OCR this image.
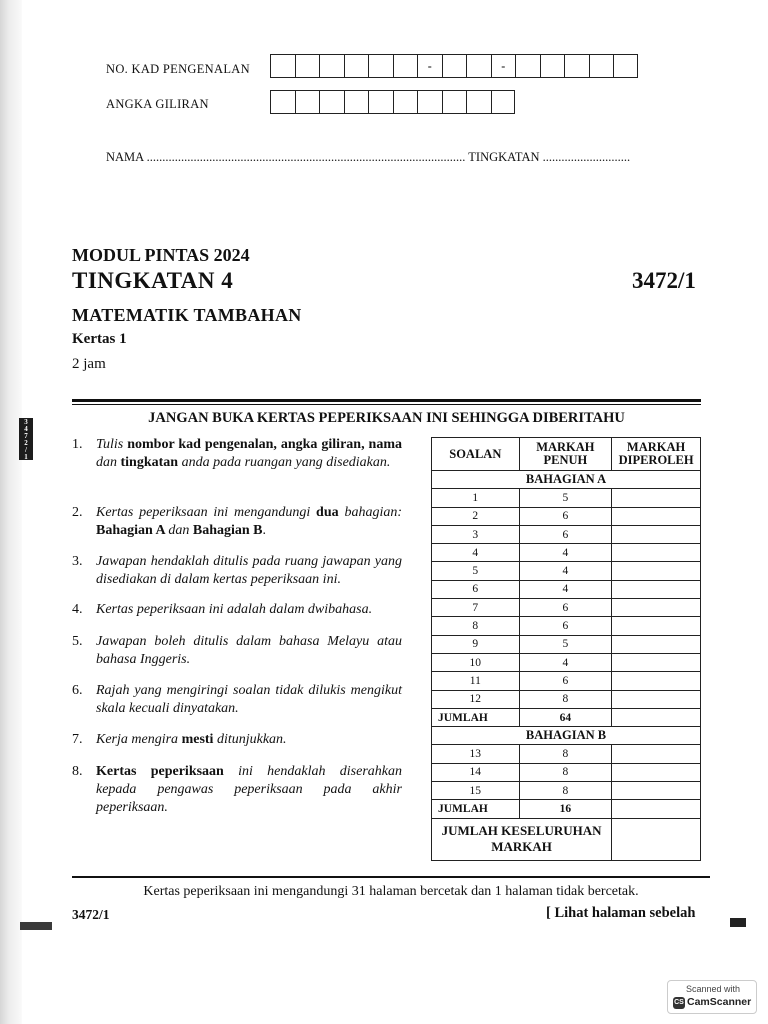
NO. KAD PENGENALAN	-	-
ANGKA GILIRAN
NAMA ...................................................................................................... TINGKATAN ............................
MODUL PINTAS 2024
TINGKATAN 4	3472/1
MATEMATIK TAMBAHAN
Kertas 1
2 jam
JANGAN BUKA KERTAS PEPERIKSAAN INI SEHINGGA DIBERITAHU
3
4
7
2
/
1
1. Tulis nombor kad pengenalan, angka giliran, nama dan tingkatan anda pada ruangan yang disediakan.
2. Kertas peperiksaan ini mengandungi dua bahagian: Bahagian A dan Bahagian B.
3. Jawapan hendaklah ditulis pada ruang jawapan yang disediakan di dalam kertas peperiksaan ini.
4. Kertas peperiksaan ini adalah dalam dwibahasa.
5. Jawapan boleh ditulis dalam bahasa Melayu atau bahasa Inggeris.
6. Rajah yang mengiringi soalan tidak dilukis mengikut skala kecuali dinyatakan.
7. Kerja mengira mesti ditunjukkan.
8. Kertas peperiksaan ini hendaklah diserahkan kepada pengawas peperiksaan pada akhir peperiksaan.
SOALAN	MARKAH PENUH	MARKAH DIPEROLEH
BAHAGIAN A		
1	5	
2	6	
3	6	
4	4	
5	4	
6	4	
7	6	
8	6	
9	5	
10	4	
11	6	
12	8	
JUMLAH	64	
BAHAGIAN B		
13	8	
14	8	
15	8	
JUMLAH	16	
JUMLAH KESELURUHAN MARKAH		
Kertas peperiksaan ini mengandungi 31 halaman bercetak dan 1 halaman tidak bercetak.
3472/1	[ Lihat halaman sebelah
Scanned with
CS CamScanner
